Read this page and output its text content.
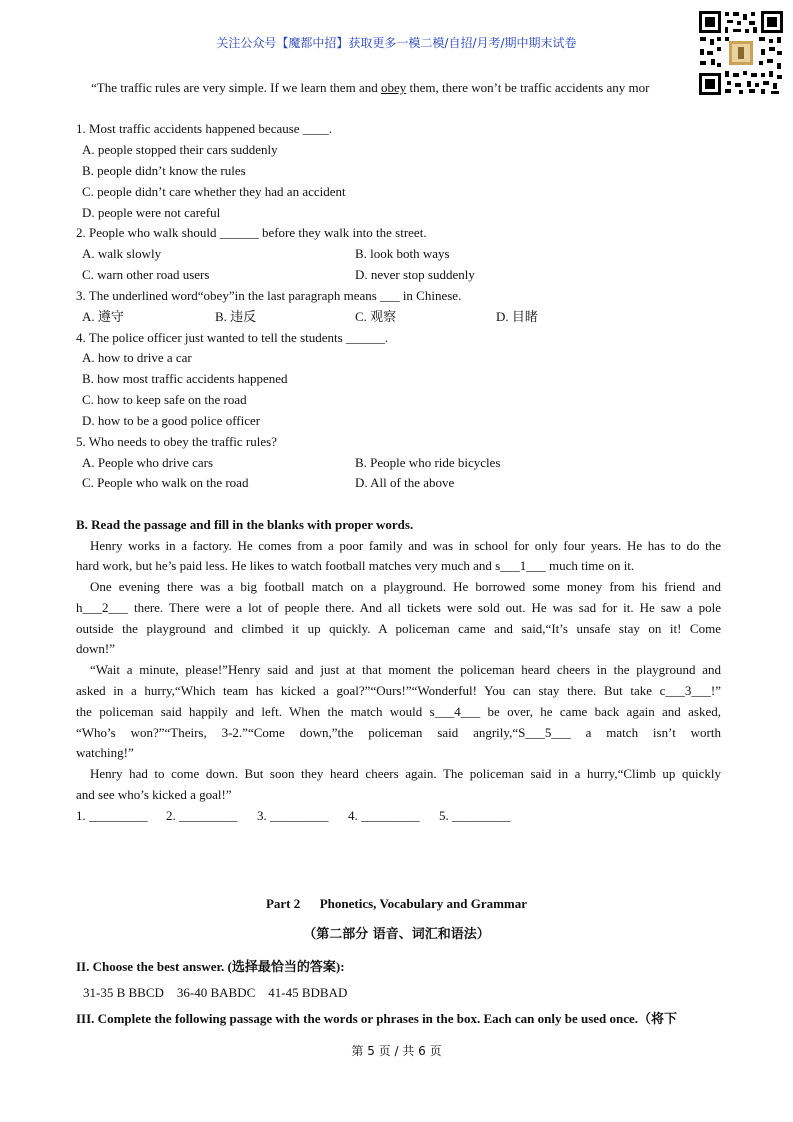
关注公众号【魔都中招】获取更多一模二模/自招/月考/期中期末试卷
“The traffic rules are very simple. If we learn them and obey them, there won’t be traffic accidents any mor
1. Most traffic accidents happened because ____.
A. people stopped their cars suddenly
B. people didn’t know the rules
C. people didn’t care whether they had an accident
D. people were not careful
2. People who walk should ______ before they walk into the street.
A. walk slowly	B. look both ways
C. warn other road users	D. never stop suddenly
3. The underlined word“obey”in the last paragraph means ___ in Chinese.
A. 遵守	B. 违反	C. 观察	D. 目睹
4. The police officer just wanted to tell the students ______.
A. how to drive a car
B. how most traffic accidents happened
C. how to keep safe on the road
D. how to be a good police officer
5. Who needs to obey the traffic rules?
A. People who drive cars	B. People who ride bicycles
C. People who walk on the road	D. All of the above
B. Read the passage and fill in the blanks with proper words.
Henry works in a factory. He comes from a poor family and was in school for only four years. He has to do the
hard work, but he’s paid less. He likes to watch football matches very much and s___1___ much time on it.
One evening there was a big football match on a playground. He borrowed some money from his friend and
h___2___ there. There were a lot of people there. And all tickets were sold out. He was sad for it. He saw a pole
outside the playground and climbed it up quickly. A policeman came and said,“It’s unsafe stay on it! Come
down!”
“Wait a minute, please!”Henry said and just at that moment the policeman heard cheers in the playground and
asked in a hurry,“Which team has kicked a goal?”“Ours!”“Wonderful! You can stay there. But take c___3___!”
the policeman said happily and left. When the match would s___4___ be over, he came back again and asked,
“Who’s won?”“Theirs, 3-2.”“Come down,”the policeman said angrily,“S___5___ a match isn’t worth
watching!”
Henry had to come down. But soon they heard cheers again. The policeman said in a hurry,“Climb up quickly
and see who’s kicked a goal!”
1. _________ 2. _________ 3. _________ 4. _________ 5. _________
Part 2      Phonetics, Vocabulary and Grammar
（第二部分 语音、词汇和语法）
II. Choose the best answer. (选择最恰当的答案):
31-35 B BBCD    36-40 BABDC    41-45 BDBAD
III. Complete the following passage with the words or phrases in the box. Each can only be used once.（将下
第 5 页 / 共 6 页
